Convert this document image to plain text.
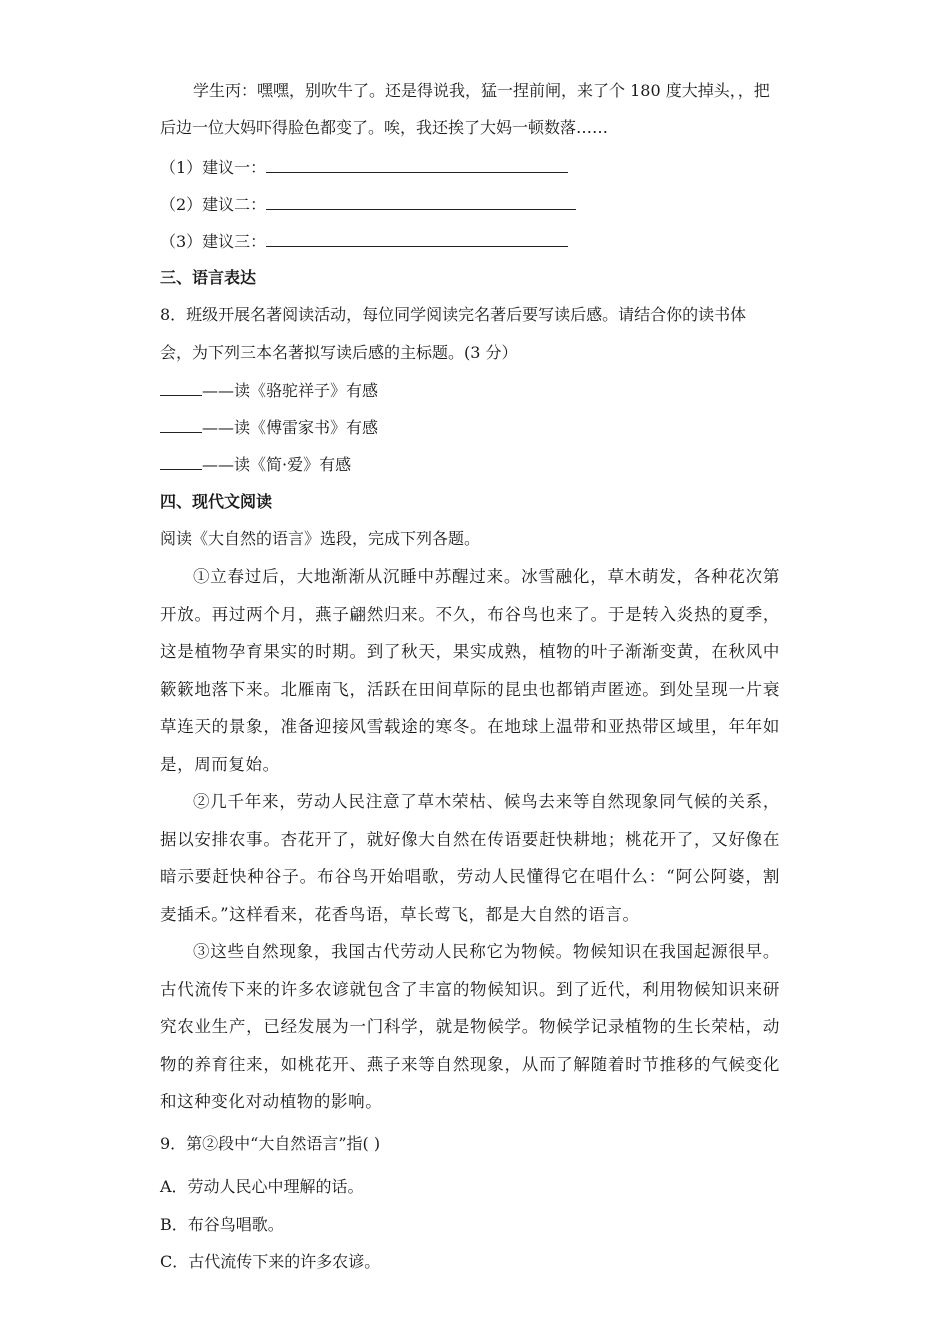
学生丙：嘿嘿，别吹牛了。还是得说我，猛一捏前闸，来了个 180 度大掉头，，把
后边一位大妈吓得脸色都变了。唉，我还挨了大妈一顿数落……
（1）建议一：
（2）建议二：
（3）建议三：
三、语言表达
8．班级开展名著阅读活动，每位同学阅读完名著后要写读后感。请结合你的读书体
会，为下列三本名著拟写读后感的主标题。(3 分）
——读《骆驼祥子》有感
——读《傅雷家书》有感
——读《简·爱》有感
四、现代文阅读
阅读《大自然的语言》选段，完成下列各题。

①立春过后，大地渐渐从沉睡中苏醒过来。冰雪融化，草木萌发，各种花次第开放。再过两个月，燕子翩然归来。不久，布谷鸟也来了。于是转入炎热的夏季，这是植物孕育果实的时期。到了秋天，果实成熟，植物的叶子渐渐变黄，在秋风中簌簌地落下来。北雁南飞，活跃在田间草际的昆虫也都销声匿迹。到处呈现一片衰草连天的景象，准备迎接风雪载途的寒冬。在地球上温带和亚热带区域里，年年如是，周而复始。

②几千年来，劳动人民注意了草木荣枯、候鸟去来等自然现象同气候的关系，据以安排农事。杏花开了，就好像大自然在传语要赶快耕地；桃花开了，又好像在暗示要赶快种谷子。布谷鸟开始唱歌，劳动人民懂得它在唱什么：“阿公阿婆，割麦插禾。”这样看来，花香鸟语，草长莺飞，都是大自然的语言。

③这些自然现象，我国古代劳动人民称它为物候。物候知识在我国起源很早。古代流传下来的许多农谚就包含了丰富的物候知识。到了近代，利用物候知识来研究农业生产，已经发展为一门科学，就是物候学。物候学记录植物的生长荣枯，动物的养育往来，如桃花开、燕子来等自然现象，从而了解随着时节推移的气候变化和这种变化对动植物的影响。

9．第②段中“大自然语言”指( )
A．劳动人民心中理解的话。
B．布谷鸟唱歌。
C．古代流传下来的许多农谚。
